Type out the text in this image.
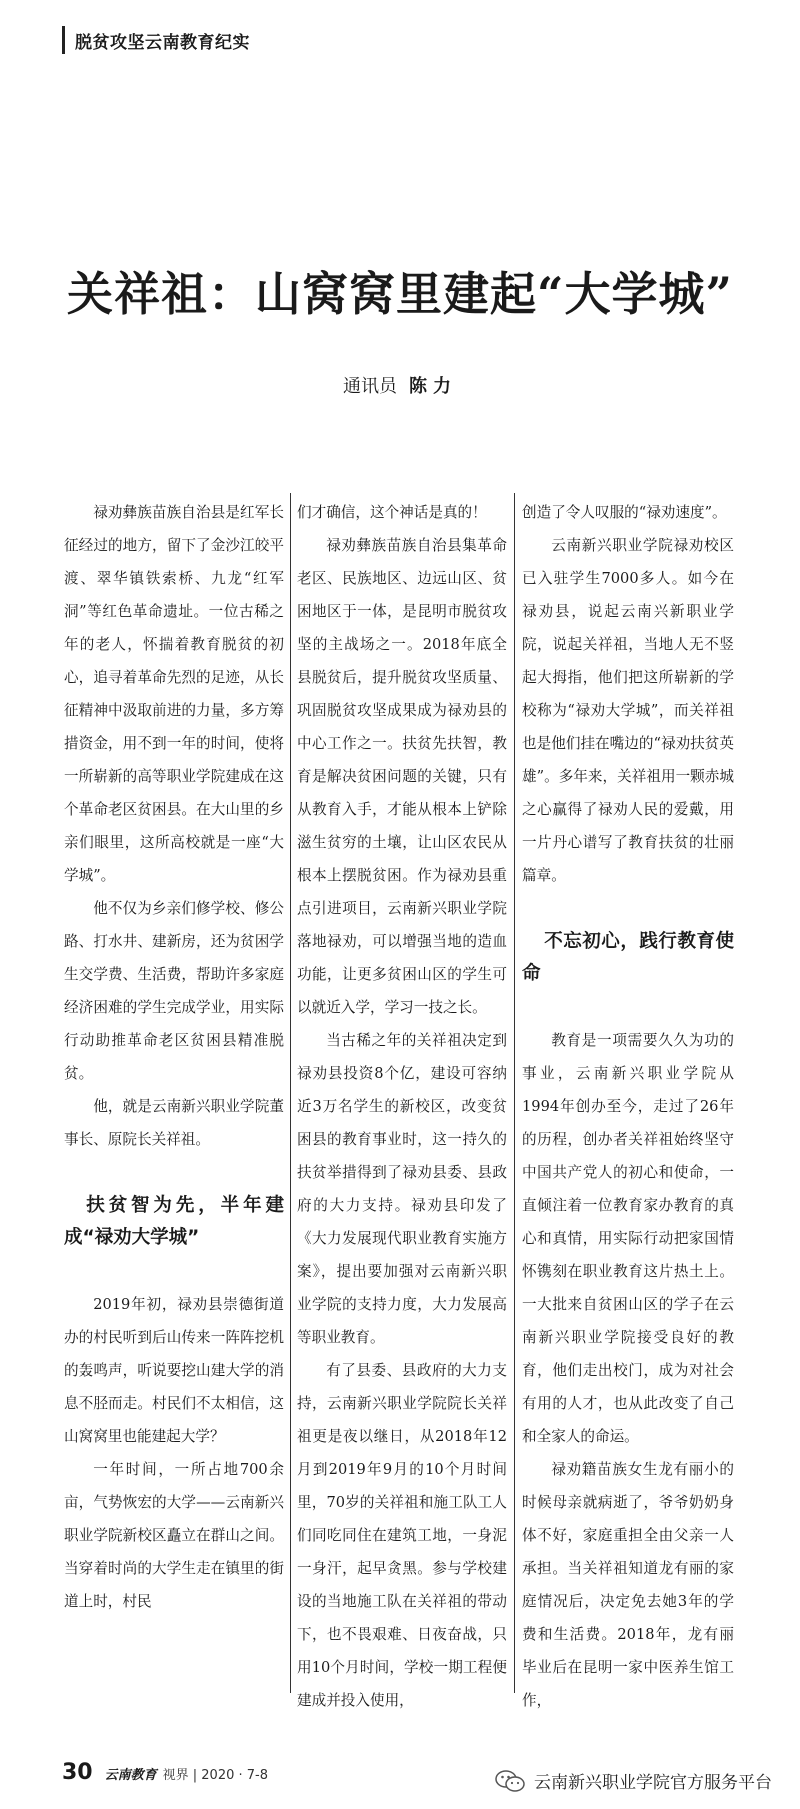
脱贫攻坚云南教育纪实
关祥祖：山窝窝里建起“大学城”
通讯员 陈力

禄劝彝族苗族自治县是红军长征经过的地方，留下了金沙江皎平渡、翠华镇铁索桥、九龙“红军洞”等红色革命遗址。一位古稀之年的老人，怀揣着教育脱贫的初心，追寻着革命先烈的足迹，从长征精神中汲取前进的力量，多方筹措资金，用不到一年的时间，使将一所崭新的高等职业学院建成在这个革命老区贫困县。在大山里的乡亲们眼里，这所高校就是一座“大学城”。

他不仅为乡亲们修学校、修公路、打水井、建新房，还为贫困学生交学费、生活费，帮助许多家庭经济困难的学生完成学业，用实际行动助推革命老区贫困县精准脱贫。

他，就是云南新兴职业学院董事长、原院长关祥祖。

扶贫智为先，半年建成“禄劝大学城”

2019年初，禄劝县崇德街道办的村民听到后山传来一阵阵挖机的轰鸣声，听说要挖山建大学的消息不胫而走。村民们不太相信，这山窝窝里也能建起大学？

一年时间，一所占地700余亩，气势恢宏的大学——云南新兴职业学院新校区矗立在群山之间。当穿着时尚的大学生走在镇里的街道上时，村民

们才确信，这个神话是真的！

禄劝彝族苗族自治县集革命老区、民族地区、边远山区、贫困地区于一体，是昆明市脱贫攻坚的主战场之一。2018年底全县脱贫后，提升脱贫攻坚质量、巩固脱贫攻坚成果成为禄劝县的中心工作之一。扶贫先扶智，教育是解决贫困问题的关键，只有从教育入手，才能从根本上铲除滋生贫穷的土壤，让山区农民从根本上摆脱贫困。作为禄劝县重点引进项目，云南新兴职业学院落地禄劝，可以增强当地的造血功能，让更多贫困山区的学生可以就近入学，学习一技之长。

当古稀之年的关祥祖决定到禄劝县投资8个亿，建设可容纳近3万名学生的新校区，改变贫困县的教育事业时，这一持久的扶贫举措得到了禄劝县委、县政府的大力支持。禄劝县印发了《大力发展现代职业教育实施方案》，提出要加强对云南新兴职业学院的支持力度，大力发展高等职业教育。

有了县委、县政府的大力支持，云南新兴职业学院院长关祥祖更是夜以继日，从2018年12月到2019年9月的10个月时间里，70岁的关祥祖和施工队工人们同吃同住在建筑工地，一身泥一身汗，起早贪黑。参与学校建设的当地施工队在关祥祖的带动下，也不畏艰难、日夜奋战，只用10个月时间，学校一期工程便建成并投入使用，

创造了令人叹服的“禄劝速度”。

云南新兴职业学院禄劝校区已入驻学生7000多人。如今在禄劝县，说起云南兴新职业学院，说起关祥祖，当地人无不竖起大拇指，他们把这所崭新的学校称为“禄劝大学城”，而关祥祖也是他们挂在嘴边的“禄劝扶贫英雄”。多年来，关祥祖用一颗赤城之心赢得了禄劝人民的爱戴，用一片丹心谱写了教育扶贫的壮丽篇章。

不忘初心，践行教育使命

教育是一项需要久久为功的事业，云南新兴职业学院从1994年创办至今，走过了26年的历程，创办者关祥祖始终坚守中国共产党人的初心和使命，一直倾注着一位教育家办教育的真心和真情，用实际行动把家国情怀镌刻在职业教育这片热土上。一大批来自贫困山区的学子在云南新兴职业学院接受良好的教育，他们走出校门，成为对社会有用的人才，也从此改变了自己和全家人的命运。

禄劝籍苗族女生龙有丽小的时候母亲就病逝了，爷爷奶奶身体不好，家庭重担全由父亲一人承担。当关祥祖知道龙有丽的家庭情况后，决定免去她3年的学费和生活费。2018年，龙有丽毕业后在昆明一家中医养生馆工作，

30 云南教育 视界 | 2020 · 7-8	云南新兴职业学院官方服务平台
